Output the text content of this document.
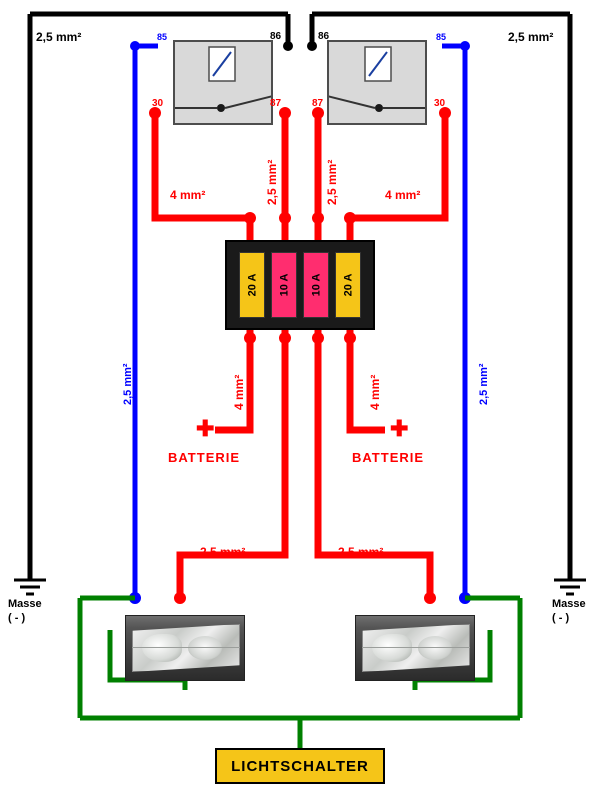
85	86
30	87
86	85
87	30
20 A 10 A 10 A 20 A
2,5 mm²	2,5 mm²
4 mm²	2,5 mm²	2,5 mm²	4 mm²
4 mm²	4 mm²
2,5 mm²	2,5 mm²
2,5 mm²	2,5 mm²
✚
BATTERIE
✚
BATTERIE
Masse
( - )
Masse
( - )
LICHTSCHALTER
